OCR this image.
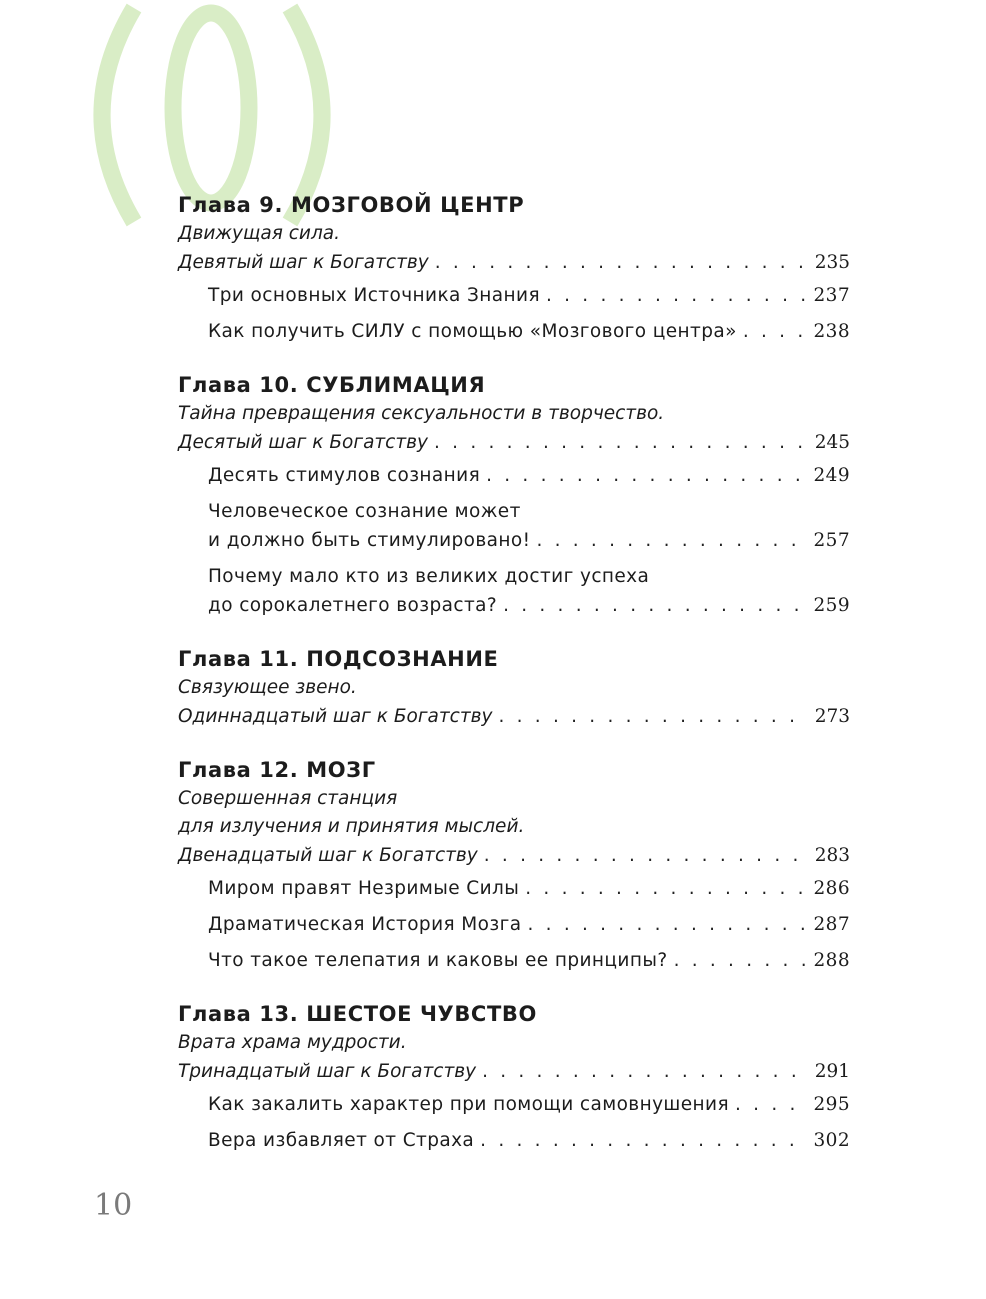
Глава 9. МОЗГОВОЙ ЦЕНТР
Движущая сила.
Девятый шаг к Богатству . . .	235
Три основных Источника Знания . . .	237
Как получить СИЛУ с помощью «Мозгового центра» . . .	238
Глава 10. СУБЛИМАЦИЯ
Тайна превращения сексуальности в творчество.
Десятый шаг к Богатству . . .	245
Десять стимулов сознания . . .	249
Человеческое сознание может
и должно быть стимулировано! . . .	257
Почему мало кто из великих достиг успеха
до сорокалетнего возраста? . . .	259
Глава 11. ПОДСОЗНАНИЕ
Связующее звено.
Одиннадцатый шаг к Богатству . . .	273
Глава 12. МОЗГ
Совершенная станция
для излучения и принятия мыслей.
Двенадцатый шаг к Богатству . . .	283
Миром правят Незримые Силы . . .	286
Драматическая История Мозга . . .	287
Что такое телепатия и каковы ее принципы? . . .	288
Глава 13. ШЕСТОЕ ЧУВСТВО
Врата храма мудрости.
Тринадцатый шаг к Богатству . . .	291
Как закалить характер при помощи самовнушения . . .	295
Вера избавляет от Страха . . .	302
10
